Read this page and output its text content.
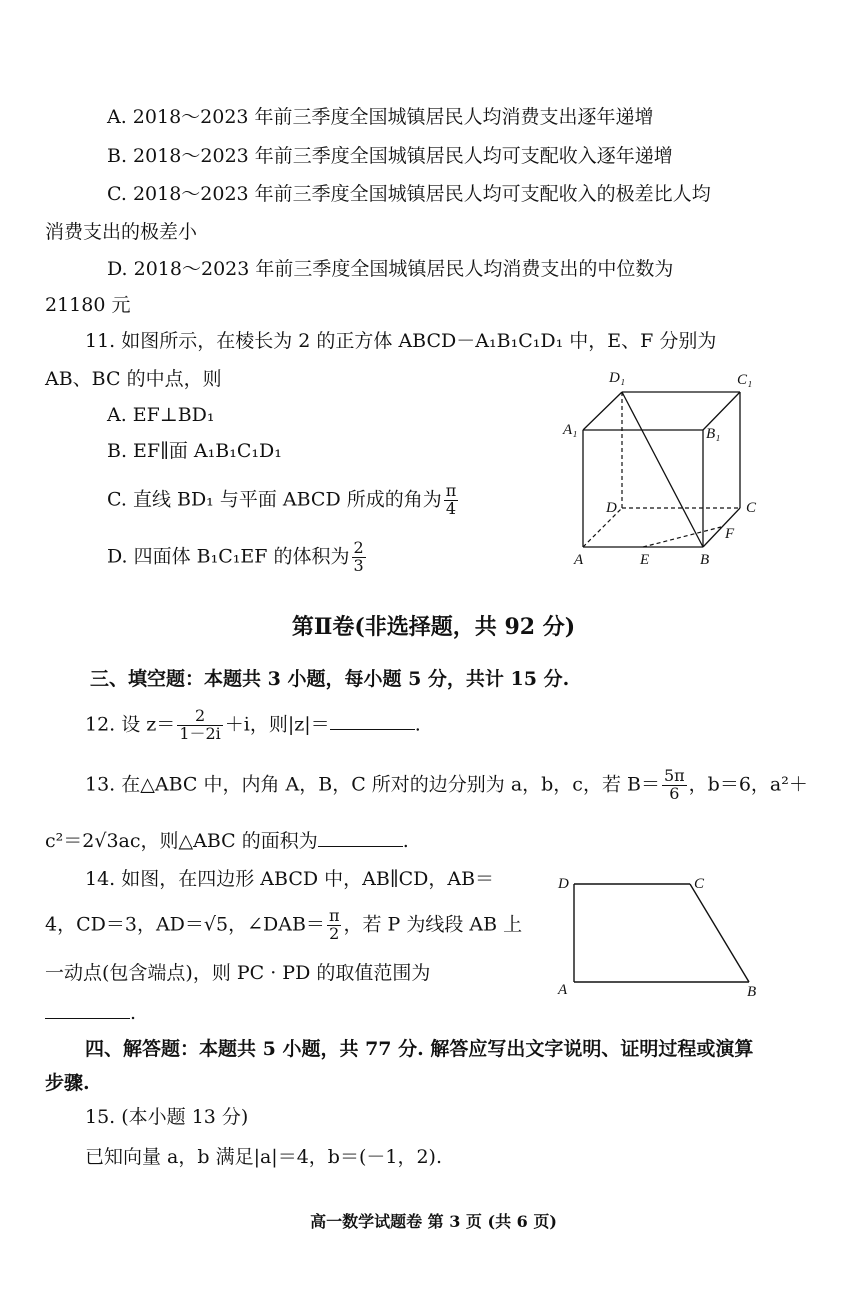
A. 2018～2023 年前三季度全国城镇居民人均消费支出逐年递增
B. 2018～2023 年前三季度全国城镇居民人均可支配收入逐年递增
C. 2018～2023 年前三季度全国城镇居民人均可支配收入的极差比人均
消费支出的极差小
D. 2018～2023 年前三季度全国城镇居民人均消费支出的中位数为
21180 元
11. 如图所示，在棱长为 2 的正方体 ABCD－A₁B₁C₁D₁ 中，E、F 分别为
AB、BC 的中点，则
A. EF⊥BD₁
B. EF∥面 A₁B₁C₁D₁
C. 直线 BD₁ 与平面 ABCD 所成的角为 $\frac{\pi}{4}$
D. 四面体 B₁C₁EF 的体积为 $\frac{2}{3}$
D₁	C₁
A₁	B₁
D	C
F
A	E	B
第Ⅱ卷(非选择题，共 92 分)
三、填空题：本题共 3 小题，每小题 5 分，共计 15 分.
12. 设 $z= \frac{2}{1-2i} +i$，则|z|＝	.
13. 在△ABC 中，内角 A，B，C 所对的边分别为 a，b，c，若 $B= \frac{5\pi}{6}$ ，b＝6，a²＋
c²＝2√3ac，则△ABC 的面积为	.
14. 如图，在四边形 ABCD 中，AB∥CD，AB＝
4，CD＝3，AD＝√5，∠DAB＝ $\frac{\pi}{2}$ ，若 P 为线段 AB 上
一动点(包含端点)，则 PC · PD 的取值范围为
.
D	C
A	B
四、解答题：本题共 5 小题，共 77 分. 解答应写出文字说明、证明过程或演算
步骤.
15. (本小题 13 分)
已知向量 a，b 满足|a|＝4，b＝(－1，2).
高一数学试题卷 第 3 页 (共 6 页)
